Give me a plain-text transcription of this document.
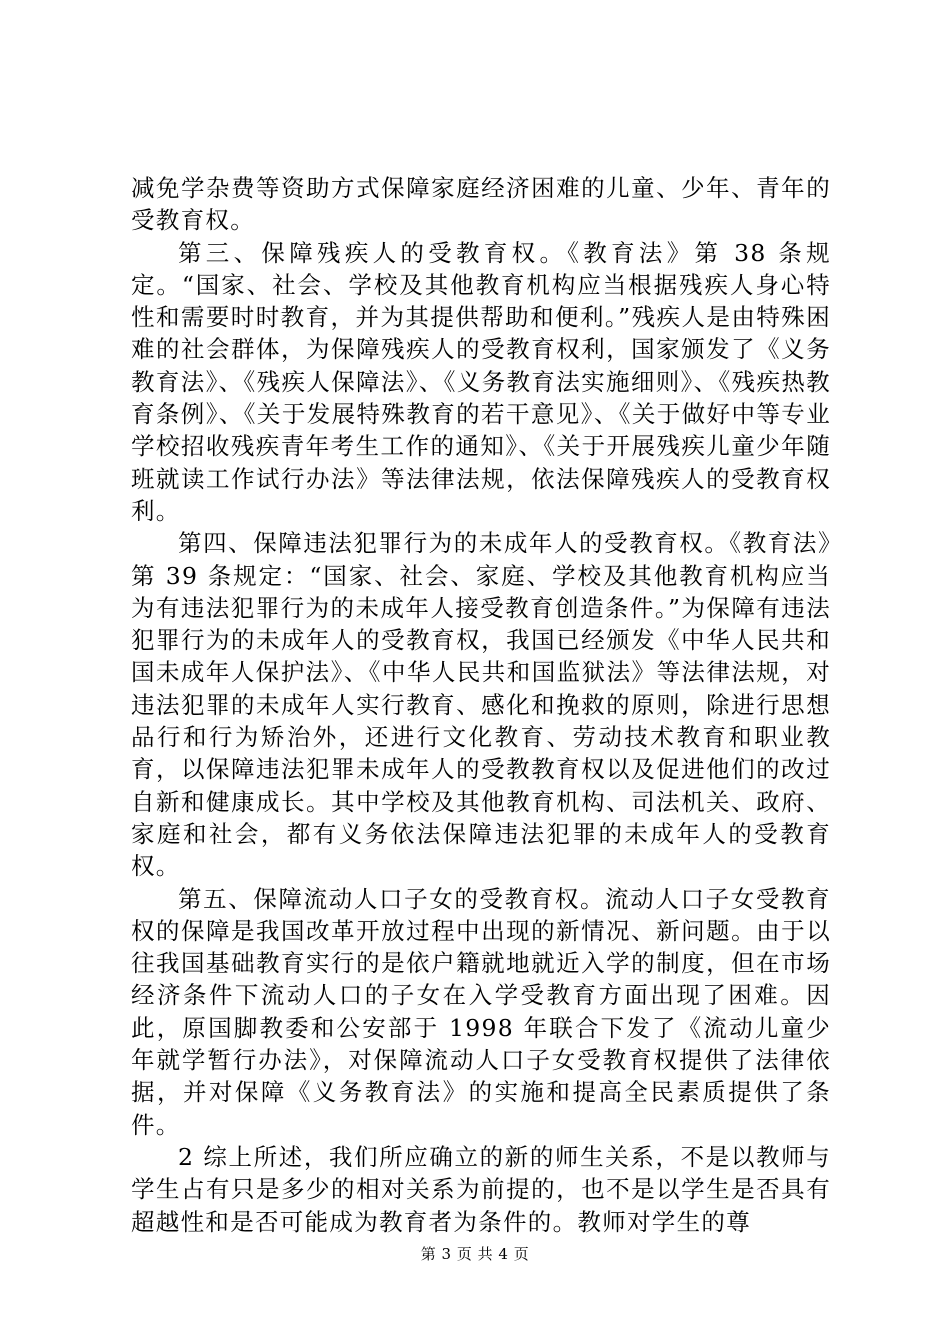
减免学杂费等资助方式保障家庭经济困难的儿童、少年、青年的受教育权。

第三、保障残疾人的受教育权。《教育法》第 38 条规定。“国家、社会、学校及其他教育机构应当根据残疾人身心特性和需要时时教育，并为其提供帮助和便利。”残疾人是由特殊困难的社会群体，为保障残疾人的受教育权利，国家颁发了《义务教育法》、《残疾人保障法》、《义务教育法实施细则》、《残疾热教育条例》、《关于发展特殊教育的若干意见》、《关于做好中等专业学校招收残疾青年考生工作的通知》、《关于开展残疾儿童少年随班就读工作试行办法》等法律法规，依法保障残疾人的受教育权利。

第四、保障违法犯罪行为的未成年人的受教育权。《教育法》第 39 条规定：“国家、社会、家庭、学校及其他教育机构应当为有违法犯罪行为的未成年人接受教育创造条件。”为保障有违法犯罪行为的未成年人的受教育权，我国已经颁发《中华人民共和国未成年人保护法》、《中华人民共和国监狱法》等法律法规，对违法犯罪的未成年人实行教育、感化和挽救的原则，除进行思想品行和行为矫治外，还进行文化教育、劳动技术教育和职业教育，以保障违法犯罪未成年人的受教教育权以及促进他们的改过自新和健康成长。其中学校及其他教育机构、司法机关、政府、家庭和社会，都有义务依法保障违法犯罪的未成年人的受教育权。

第五、保障流动人口子女的受教育权。流动人口子女受教育权的保障是我国改革开放过程中出现的新情况、新问题。由于以往我国基础教育实行的是依户籍就地就近入学的制度，但在市场经济条件下流动人口的子女在入学受教育方面出现了困难。因此，原国脚教委和公安部于 1998 年联合下发了《流动儿童少年就学暂行办法》，对保障流动人口子女受教育权提供了法律依据，并对保障《义务教育法》的实施和提高全民素质提供了条件。

2 综上所述，我们所应确立的新的师生关系，不是以教师与学生占有只是多少的相对关系为前提的，也不是以学生是否具有超越性和是否可能成为教育者为条件的。教师对学生的尊

第 3 页 共 4 页
